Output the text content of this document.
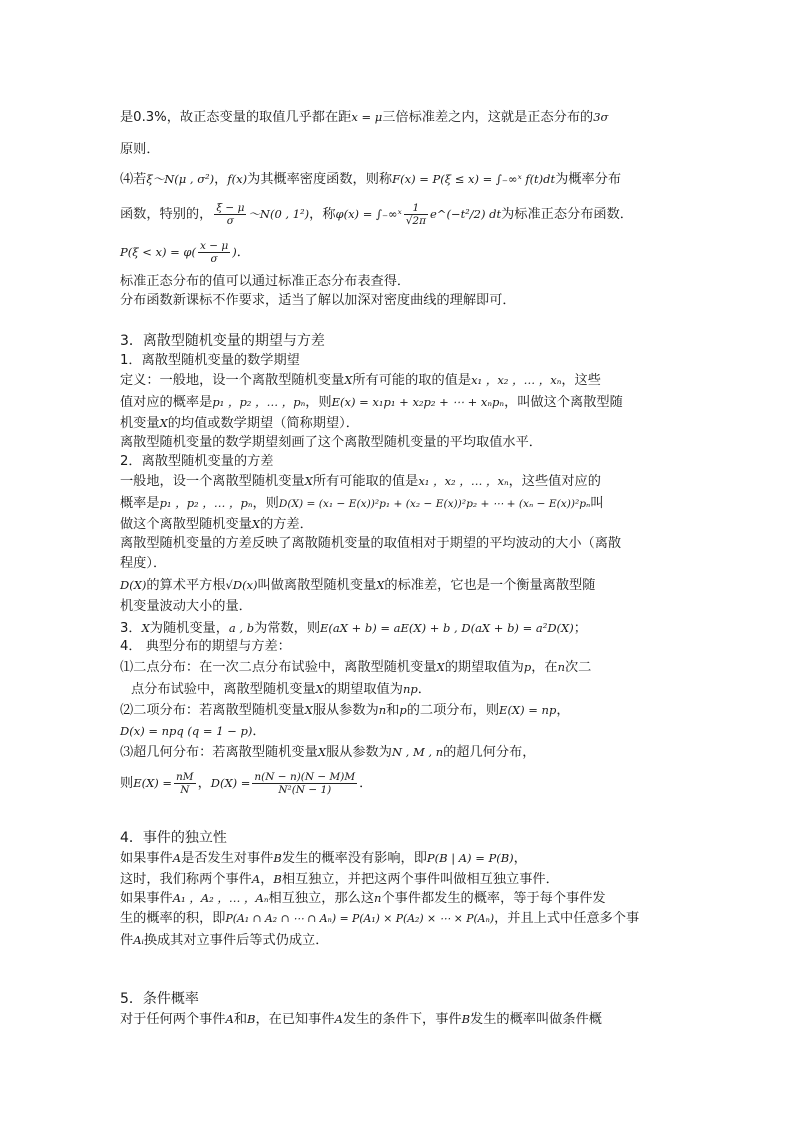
是0.3%，故正态变量的取值几乎都在距x = μ三倍标准差之内，这就是正态分布的3σ
原则．
⑷若ξ～N(μ , σ²)，f(x)为其概率密度函数，则称F(x) = P(ξ ≤ x) = ∫₋∞ˣ f(t)dt为概率分布
函数，特别的， $\frac{\xi - \mu}{\sigma}$ ～N(0 , 1²)，称φ(x) = ∫₋∞ˣ $\frac{1}{√2\pi}$ e^(−t²/2) dt为标准正态分布函数．
$P(\xi < x) = \varphi( \frac{x - \mu}{\sigma}$ )．
标准正态分布的值可以通过标准正态分布表查得．
分布函数新课标不作要求，适当了解以加深对密度曲线的理解即可．
3．离散型随机变量的期望与方差
1．离散型随机变量的数学期望
定义：一般地，设一个离散型随机变量X所有可能的取的值是x₁ ，x₂ ，… ，xₙ，这些
值对应的概率是p₁ ，p₂ ，… ，pₙ，则E(x) = x₁p₁ + x₂p₂ + ⋯ + xₙpₙ，叫做这个离散型随
机变量X的均值或数学期望（简称期望）．
离散型随机变量的数学期望刻画了这个离散型随机变量的平均取值水平．
2．离散型随机变量的方差
一般地，设一个离散型随机变量X所有可能取的值是x₁ ，x₂ ，… ，xₙ，这些值对应的
概率是p₁ ，p₂ ，… ，pₙ，则D(X) = (x₁ − E(x))²p₁ + (x₂ − E(x))²p₂ + ⋯ + (xₙ − E(x))²pₙ叫
做这个离散型随机变量X的方差．
离散型随机变量的方差反映了离散随机变量的取值相对于期望的平均波动的大小（离散
程度）．
D(X)的算术平方根√D(x)叫做离散型随机变量X的标准差，它也是一个衡量离散型随
机变量波动大小的量．
3．X为随机变量，a , b为常数，则E(aX + b) = aE(X) + b , D(aX + b) = a²D(X)；
4． 典型分布的期望与方差：
⑴二点分布：在一次二点分布试验中，离散型随机变量X的期望取值为p，在n次二
点分布试验中，离散型随机变量X的期望取值为np．
⑵二项分布：若离散型随机变量X服从参数为n和p的二项分布，则E(X) = np，
D(x) = npq (q = 1 − p)．
⑶超几何分布：若离散型随机变量X服从参数为N , M , n的超几何分布，
则$E(X) = \frac{nM}{N}$ ，$D(X) = \frac{n(N - n)(N - M)M}{\text{N²(N − 1)}}$ ．
4．事件的独立性
如果事件A是否发生对事件B发生的概率没有影响，即P(B | A) = P(B)，
这时，我们称两个事件A，B相互独立，并把这两个事件叫做相互独立事件．
如果事件A₁ ，A₂ ，… ，Aₙ相互独立，那么这n个事件都发生的概率，等于每个事件发
生的概率的积，即P(A₁ ∩ A₂ ∩ ⋯ ∩ Aₙ) = P(A₁) × P(A₂) × ⋯ × P(Aₙ)，并且上式中任意多个事
件Aᵢ换成其对立事件后等式仍成立．
5．条件概率
对于任何两个事件A和B，在已知事件A发生的条件下，事件B发生的概率叫做条件概
